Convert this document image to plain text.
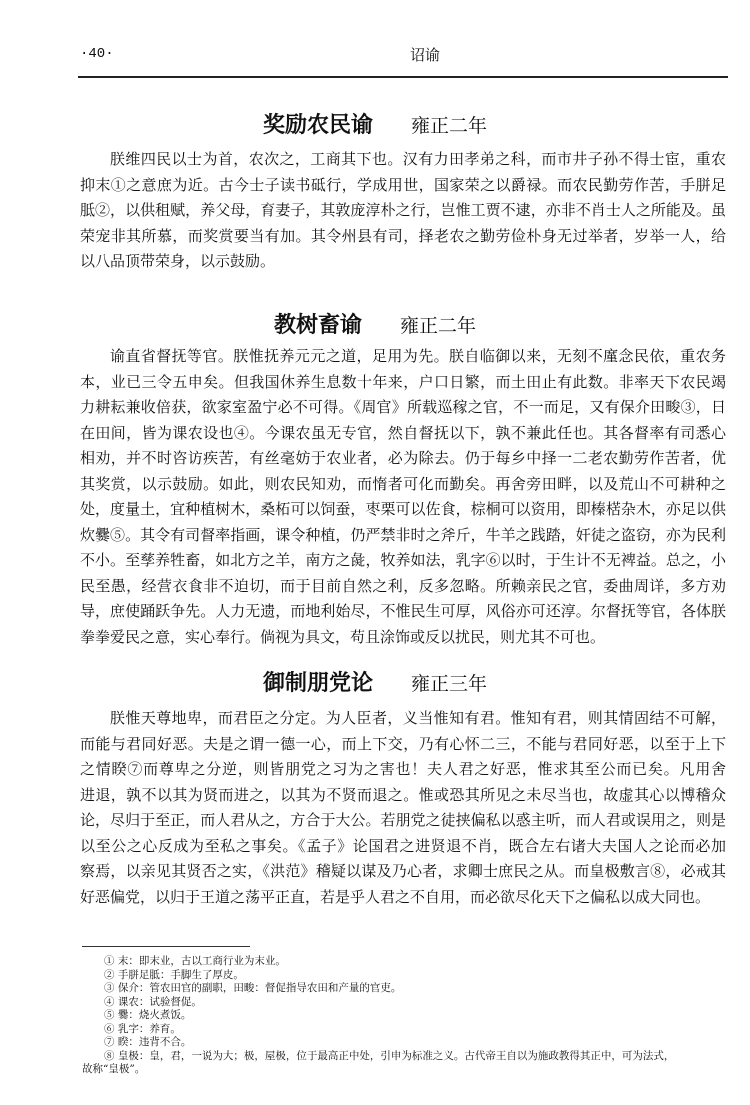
·40·	诏谕
奖励农民谕 雍正二年
朕维四民以士为首，农次之，工商其下也。汉有力田孝弟之科，而市井子孙不得士宦，重农
抑末①之意庶为近。古今士子读书砥行，学成用世，国家荣之以爵禄。而农民勤劳作苦，手胼足
胝②，以供租赋，养父母，育妻子，其敦庞淳朴之行，岂惟工贾不逮，亦非不肖士人之所能及。虽
荣宠非其所慕，而奖赏要当有加。其令州县有司，择老农之勤劳俭朴身无过举者，岁举一人，给
以八品顶带荣身，以示鼓励。
教树畜谕 雍正二年
谕直省督抚等官。朕惟抚养元元之道，足用为先。朕自临御以来，无刻不廑念民依，重农务
本，业已三令五申矣。但我国休养生息数十年来，户口日繁，而土田止有此数。非率天下农民竭
力耕耘兼收倍获，欲家室盈宁必不可得。《周官》所载巡稼之官，不一而足，又有保介田畯③，日
在田间，皆为课农设也④。今课农虽无专官，然自督抚以下，孰不兼此任也。其各督率有司悉心
相劝，并不时咨访疾苦，有丝毫妨于农业者，必为除去。仍于每乡中择一二老农勤劳作苦者，优
其奖赏，以示鼓励。如此，则农民知劝，而惰者可化而勤矣。再舍旁田畔，以及荒山不可耕种之
处，度量土，宜种植树木，桑柘可以饲蚕，枣栗可以佐食，棕桐可以资用，即榛楛杂木，亦足以供
炊爨⑤。其令有司督率指画，课令种植，仍严禁非时之斧斤，牛羊之践踏，奸徒之盗窃，亦为民利
不小。至孳养牲畜，如北方之羊，南方之彘，牧养如法，乳字⑥以时，于生计不无裨益。总之，小
民至愚，经营衣食非不迫切，而于目前自然之利，反多忽略。所赖亲民之官，委曲周详，多方劝
导，庶使踊跃争先。人力无遗，而地利始尽，不惟民生可厚，风俗亦可还淳。尔督抚等官，各体朕
拳拳爱民之意，实心奉行。倘视为具文，苟且涂饰或反以扰民，则尤其不可也。
御制朋党论 雍正三年
朕惟天尊地卑，而君臣之分定。为人臣者，义当惟知有君。惟知有君，则其情固结不可解，
而能与君同好恶。夫是之谓一德一心，而上下交，乃有心怀二三，不能与君同好恶，以至于上下
之情睽⑦而尊卑之分逆，则皆朋党之习为之害也！夫人君之好恶，惟求其至公而已矣。凡用舍
进退，孰不以其为贤而进之，以其为不贤而退之。惟或恐其所见之未尽当也，故虚其心以博稽众
论，尽归于至正，而人君从之，方合于大公。若朋党之徒挟偏私以惑主听，而人君或误用之，则是
以至公之心反成为至私之事矣。《孟子》论国君之进贤退不肖，既合左右诸大夫国人之论而必加
察焉，以亲见其贤否之实，《洪范》稽疑以谋及乃心者，求卿士庶民之从。而皇极敷言⑧，必戒其
好恶偏党，以归于王道之荡平正直，若是乎人君之不自用，而必欲尽化天下之偏私以成大同也。
① 末：即末业，古以工商行业为末业。
② 手胼足胝：手脚生了厚皮。
③ 保介：管农田官的副职，田畯：督促指导农田和产量的官吏。
④ 课农：试验督促。
⑤ 爨：烧火煮饭。
⑥ 乳字：养育。
⑦ 睽：违背不合。
⑧ 皇极：皇，君，一说为大；极，屋极，位于最高正中处，引申为标准之义。古代帝王自以为施政教得其正中，可为法式，
故称“皇极”。
